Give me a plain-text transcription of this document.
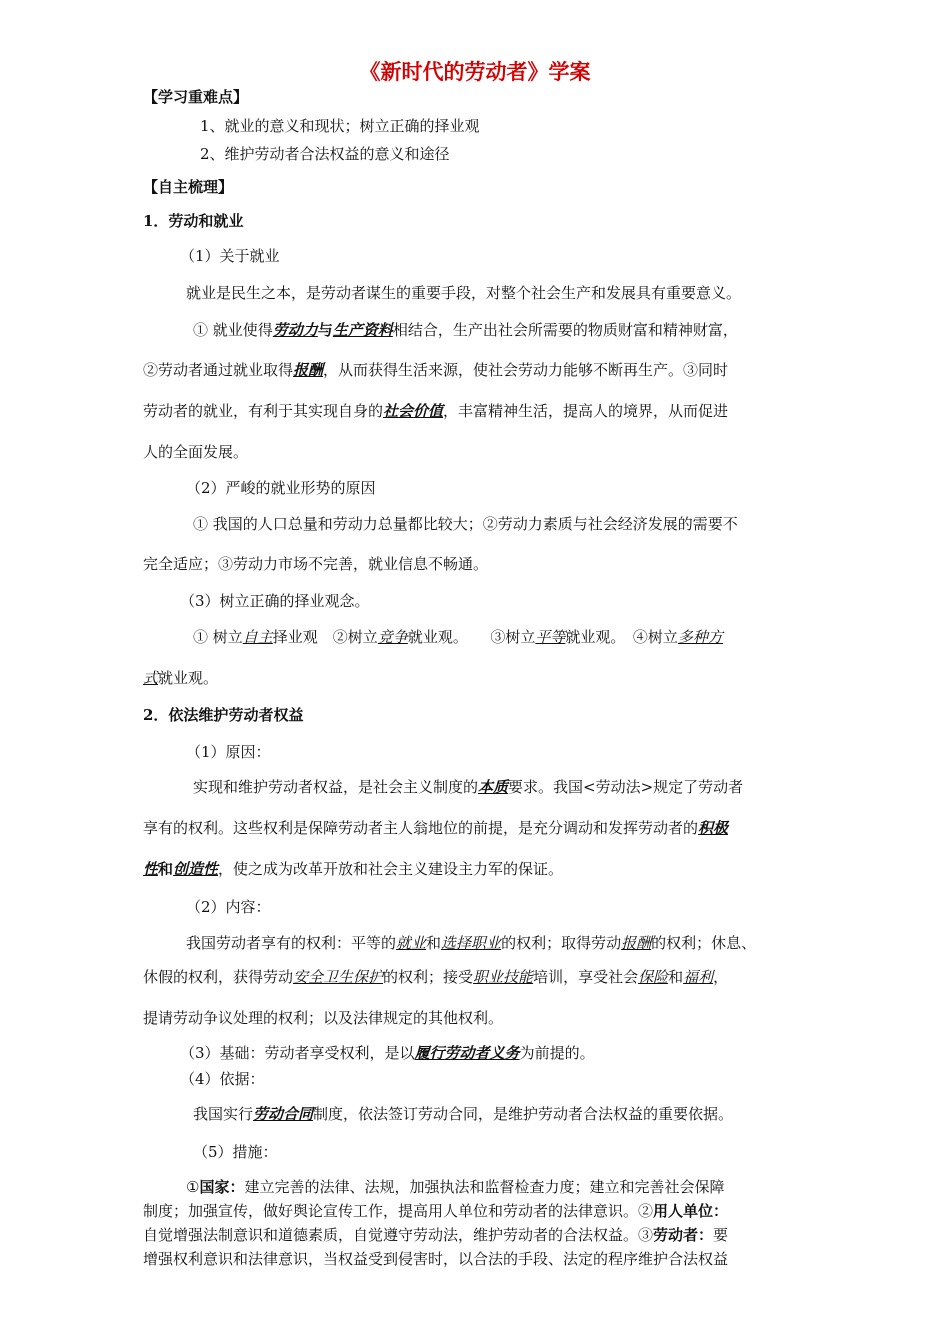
《新时代的劳动者》学案
【学习重难点】
1、就业的意义和现状；树立正确的择业观
2、维护劳动者合法权益的意义和途径
【自主梳理】
1．劳动和就业
（1）关于就业
就业是民生之本，是劳动者谋生的重要手段，对整个社会生产和发展具有重要意义。
① 就业使得劳动力与生产资料相结合，生产出社会所需要的物质财富和精神财富，
②劳动者通过就业取得报酬，从而获得生活来源，使社会劳动力能够不断再生产。③同时
劳动者的就业，有利于其实现自身的社会价值，丰富精神生活，提高人的境界，从而促进
人的全面发展。
（2）严峻的就业形势的原因
① 我国的人口总量和劳动力总量都比较大；②劳动力素质与社会经济发展的需要不
完全适应；③劳动力市场不完善，就业信息不畅通。
（3）树立正确的择业观念。
① 树立自主择业观　②树立竞争就业观。　　③树立平等就业观。　④树立多种方
式就业观。
2．依法维护劳动者权益
（1）原因：
实现和维护劳动者权益，是社会主义制度的本质要求。我国<劳动法>规定了劳动者
享有的权利。这些权利是保障劳动者主人翁地位的前提，是充分调动和发挥劳动者的积极
性和创造性，使之成为改革开放和社会主义建设主力军的保证。
（2）内容：
我国劳动者享有的权利：平等的就业和选择职业的权利；取得劳动报酬的权利；休息、
休假的权利，获得劳动安全卫生保护的权利；接受职业技能培训，享受社会保险和福利，
提请劳动争议处理的权利；以及法律规定的其他权利。
（3）基础：劳动者享受权利，是以履行劳动者义务为前提的。
（4）依据：
我国实行劳动合同制度，依法签订劳动合同，是维护劳动者合法权益的重要依据。
（5）措施：
①国家：建立完善的法律、法规，加强执法和监督检查力度；建立和完善社会保障
制度；加强宣传，做好舆论宣传工作，提高用人单位和劳动者的法律意识。②用人单位：
自觉增强法制意识和道德素质，自觉遵守劳动法，维护劳动者的合法权益。③劳动者：要
增强权利意识和法律意识，当权益受到侵害时，以合法的手段、法定的程序维护合法权益
